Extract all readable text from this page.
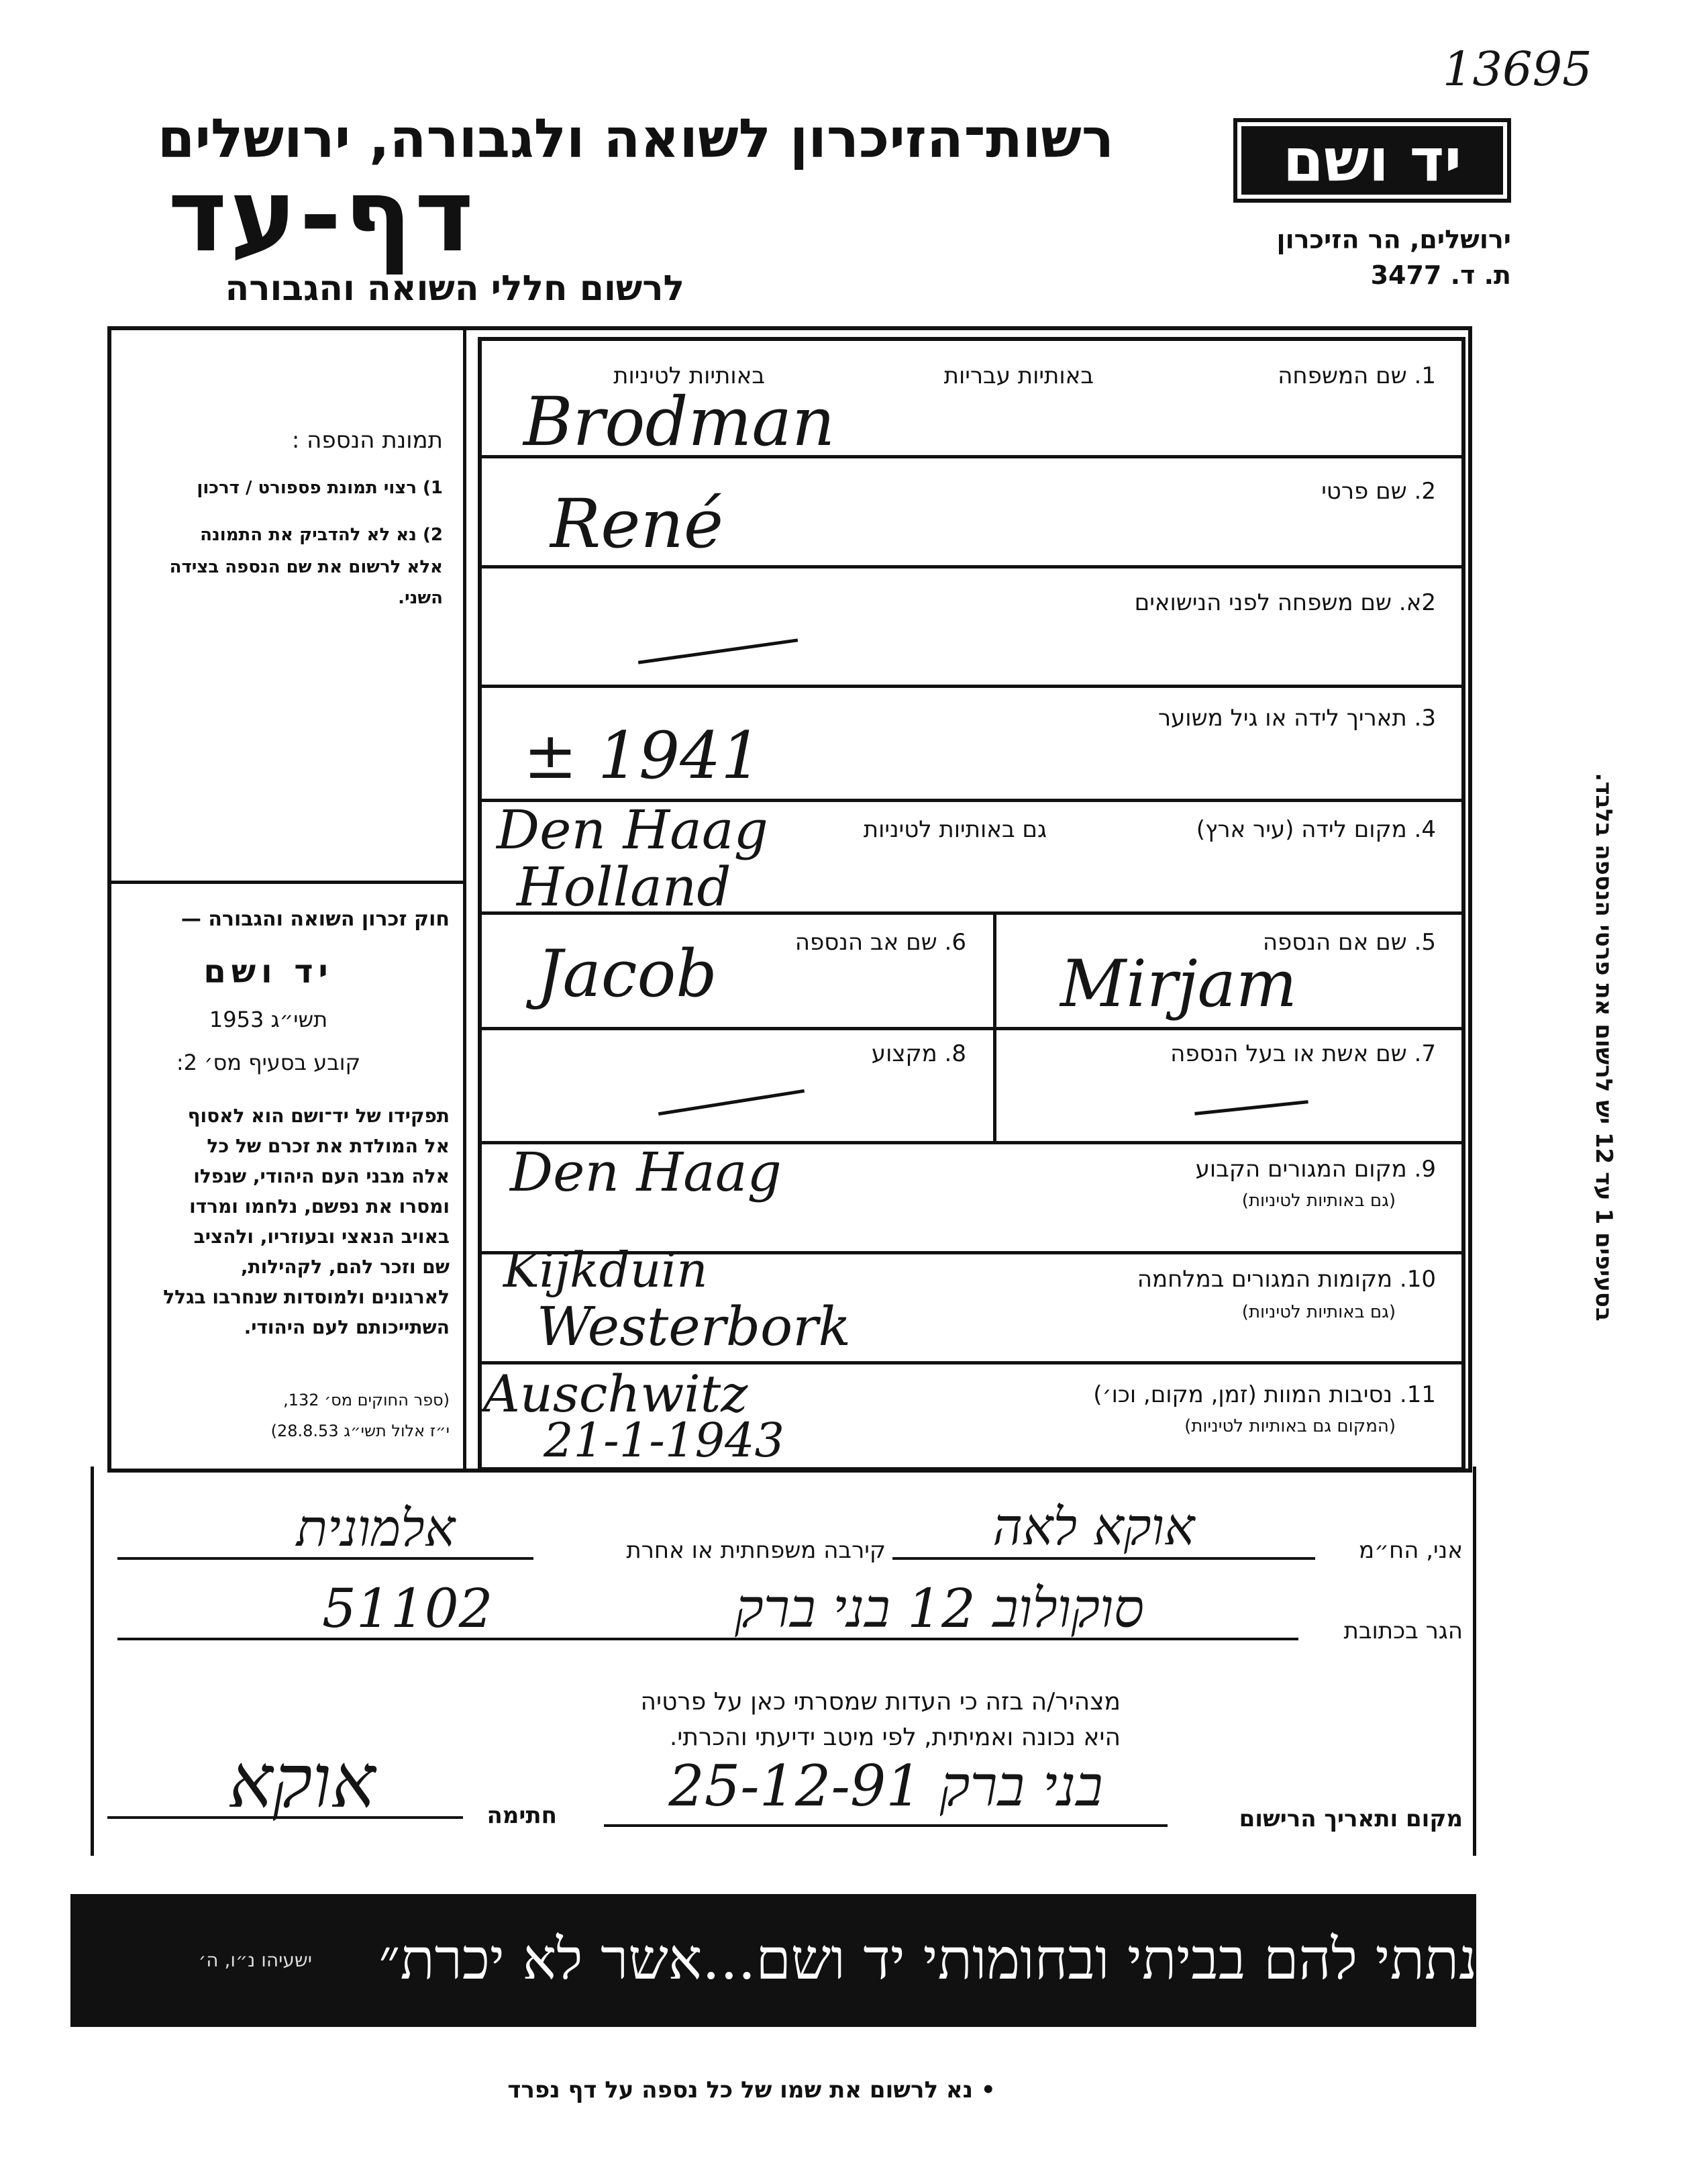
13695
רשות־הזיכרון לשואה ולגבורה, ירושלים
דף-עד
לרשום חללי השואה והגבורה
יד ושם
ירושלים, הר הזיכרון
ת. ד. 3477
תמונת הנספה :
1) רצוי תמונת פספורט / דרכון
2) נא לא להדביק את התמונה
אלא לרשום את שם הנספה בצידה
השני.
חוק זכרון השואה והגבורה —
יד ושם
תשי״ג 1953
קובע בסעיף מס׳ 2:
תפקידו של יד־ושם הוא לאסוף
אל המולדת את זכרם של כל
אלה מבני העם היהודי, שנפלו
ומסרו את נפשם, נלחמו ומרדו
באויב הנאצי ובעוזריו, ולהציב
שם וזכר להם, לקהילות,
לארגונים ולמוסדות שנחרבו בגלל
השתייכותם לעם היהודי.
(ספר החוקים מס׳ 132,
י״ז אלול תשי״ג 28.8.53)
1. שם המשפחה
באותיות עבריות
באותיות לטיניות
Brodman
2. שם פרטי
René
2א. שם משפחה לפני הנישואים
3. תאריך לידה או גיל משוער
± 1941
4. מקום לידה (עיר ארץ)
גם באותיות לטיניות
Den Haag
Holland
5. שם אם הנספה
Mirjam
6. שם אב הנספה
Jacob
7. שם אשת או בעל הנספה
8. מקצוע
9. מקום המגורים הקבוע
(גם באותיות לטיניות)
Den Haag
10. מקומות המגורים במלחמה
(גם באותיות לטיניות)
Kijkduin
Westerbork
11. נסיבות המוות (זמן, מקום, וכו׳)
(המקום גם באותיות לטיניות)
Auschwitz
21-1-1943
בסעיפים 1 עד 12 יש לרשום את פרטי הנספה בלבד.
אני, הח״מ
אוקא לאה
קירבה משפחתית או אחרת
אלמונית
הגר בכתובת
סוקולוב 12 בני ברק
51102
מצהיר/ה בזה כי העדות שמסרתי כאן על פרטיה
היא נכונה ואמיתית, לפי מיטב ידיעתי והכרתי.
מקום ותאריך הרישום
בני ברק 25-12-91
חתימה
אוקא
״...ונתתי להם בביתי ובחומותי יד ושם...אשר לא יכרת״
ישעיהו נ״ו, ה׳
• נא לרשום את שמו של כל נספה על דף נפרד
